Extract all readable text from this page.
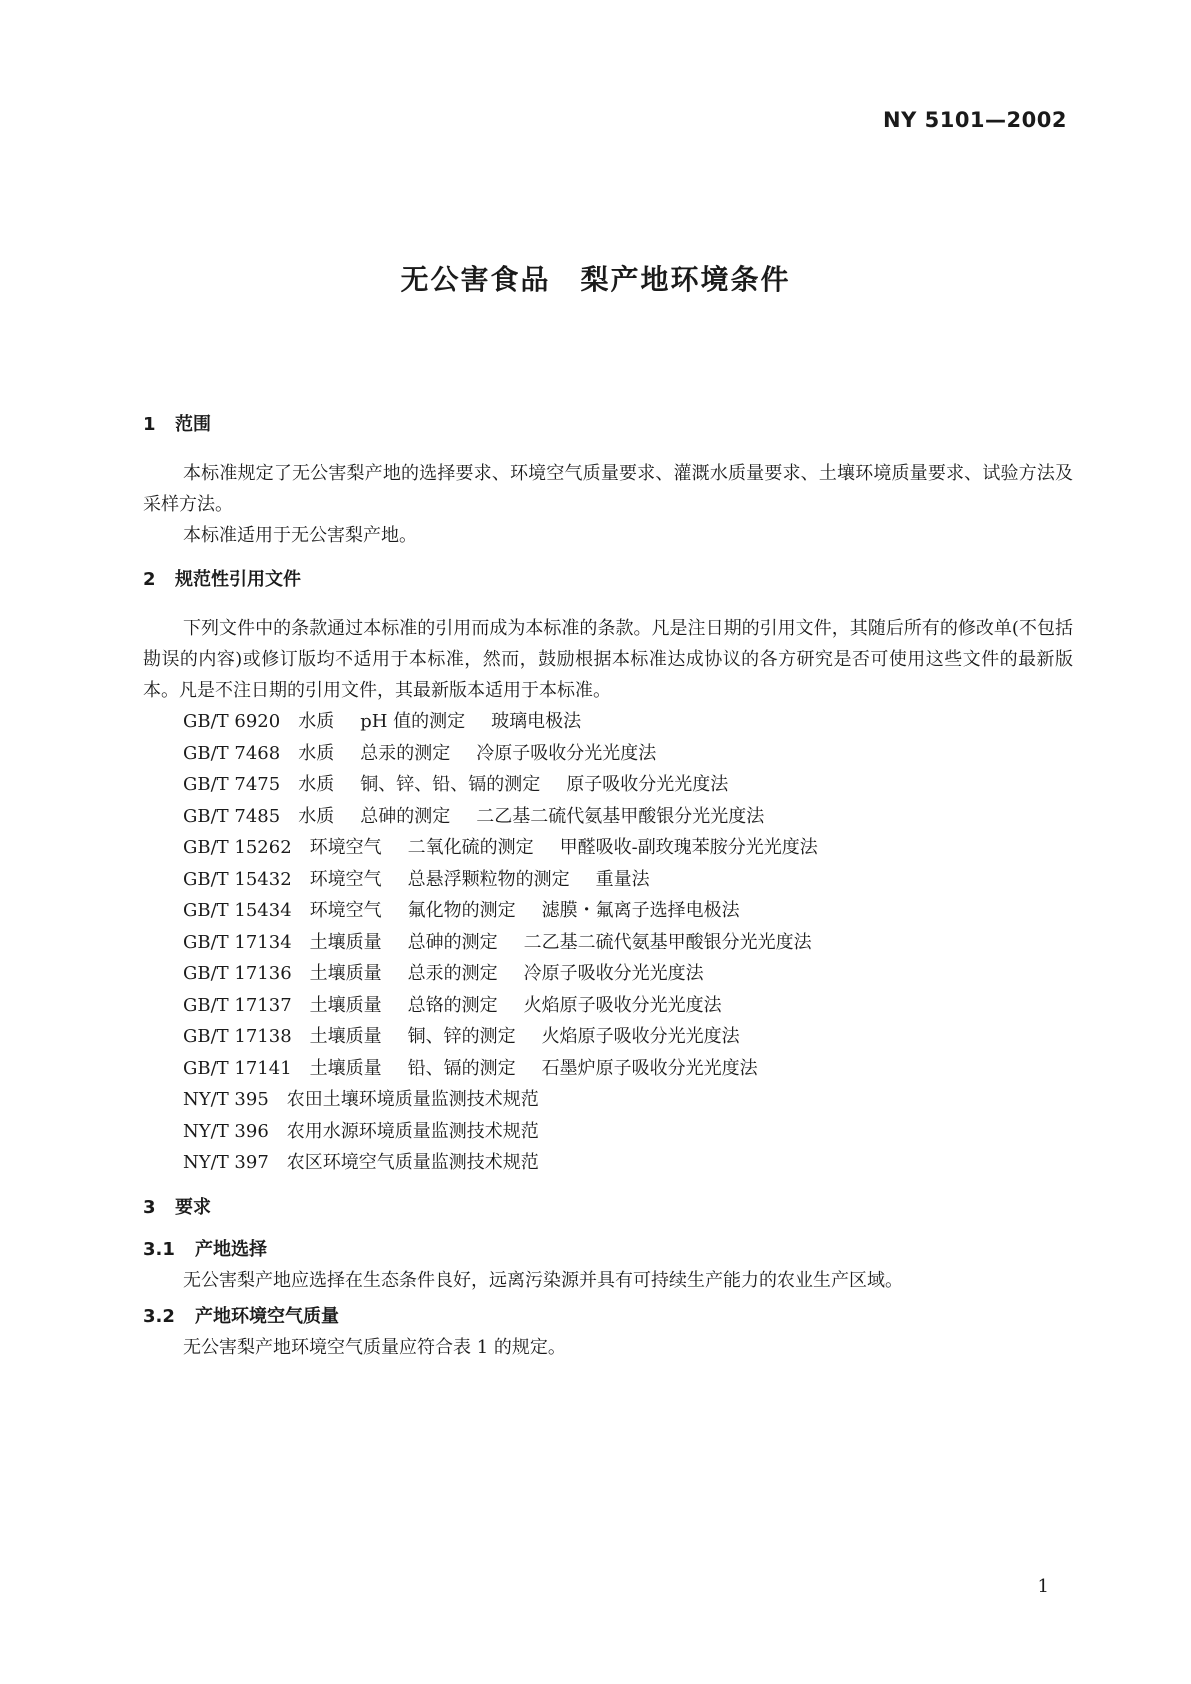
NY 5101—2002
无公害食品　梨产地环境条件
1 范围

本标准规定了无公害梨产地的选择要求、环境空气质量要求、灌溉水质量要求、土壤环境质量要求、试验方法及采样方法。

本标准适用于无公害梨产地。

2 规范性引用文件

下列文件中的条款通过本标准的引用而成为本标准的条款。凡是注日期的引用文件，其随后所有的修改单(不包括勘误的内容)或修订版均不适用于本标准，然而，鼓励根据本标准达成协议的各方研究是否可使用这些文件的最新版本。凡是不注日期的引用文件，其最新版本适用于本标准。

GB/T 6920 水质 pH 值的测定 玻璃电极法
GB/T 7468 水质 总汞的测定 冷原子吸收分光光度法
GB/T 7475 水质 铜、锌、铅、镉的测定 原子吸收分光光度法
GB/T 7485 水质 总砷的测定 二乙基二硫代氨基甲酸银分光光度法
GB/T 15262 环境空气 二氧化硫的测定 甲醛吸收-副玫瑰苯胺分光光度法
GB/T 15432 环境空气 总悬浮颗粒物的测定 重量法
GB/T 15434 环境空气 氟化物的测定 滤膜・氟离子选择电极法
GB/T 17134 土壤质量 总砷的测定 二乙基二硫代氨基甲酸银分光光度法
GB/T 17136 土壤质量 总汞的测定 冷原子吸收分光光度法
GB/T 17137 土壤质量 总铬的测定 火焰原子吸收分光光度法
GB/T 17138 土壤质量 铜、锌的测定 火焰原子吸收分光光度法
GB/T 17141 土壤质量 铅、镉的测定 石墨炉原子吸收分光光度法
NY/T 395 农田土壤环境质量监测技术规范
NY/T 396 农用水源环境质量监测技术规范
NY/T 397 农区环境空气质量监测技术规范
3 要求
3.1 产地选择

无公害梨产地应选择在生态条件良好，远离污染源并具有可持续生产能力的农业生产区域。

3.2 产地环境空气质量

无公害梨产地环境空气质量应符合表 1 的规定。

1
